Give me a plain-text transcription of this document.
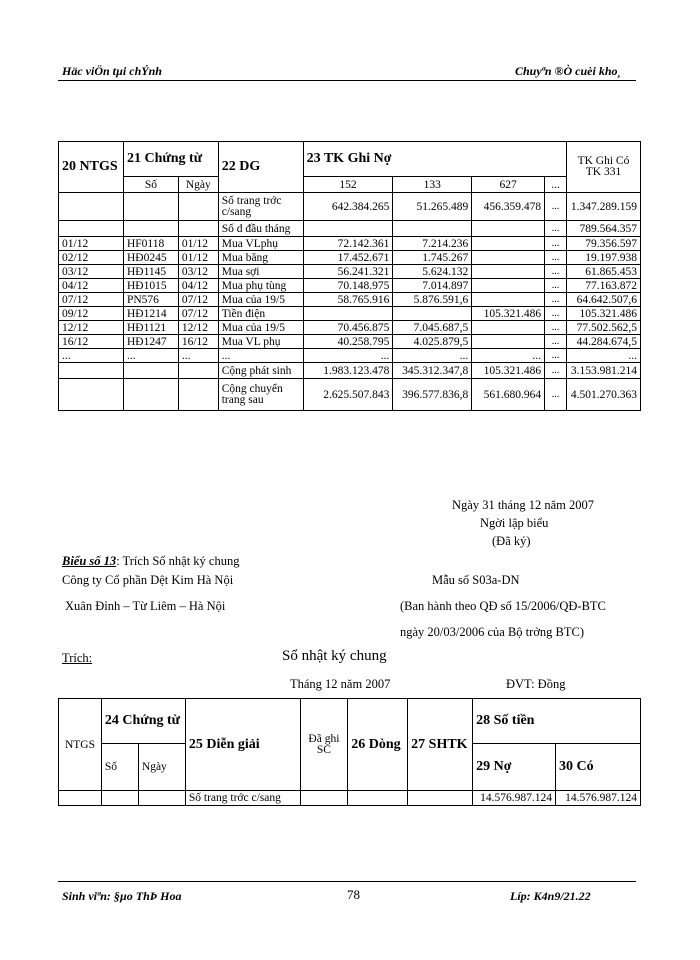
Häc viÖn tµi chÝnh	Chuyªn ®Ò cuèi kho¸
20 NTGS	21 Chứng từ		22 DG	23 TK Ghi Nợ				TK Ghi Có TK 331
	Số	Ngày		152	133	627	...	
			Số trang trớc c/sang	642.384.265	51.265.489	456.359.478	...	1.347.289.159
			Số d đầu tháng				...	789.564.357
01/12	HF0118	01/12	Mua VLphụ	72.142.361	7.214.236		...	79.356.597
02/12	HĐ0245	01/12	Mua băng	17.452.671	1.745.267		...	19.197.938
03/12	HĐ1145	03/12	Mua sợi	56.241.321	5.624.132		...	61.865.453
04/12	HĐ1015	04/12	Mua phụ tùng	70.148.975	7.014.897		...	77.163.872
07/12	PN576	07/12	Mua của 19/5	58.765.916	5.876.591,6		...	64.642.507,6
09/12	HĐ1214	07/12	Tiền điện			105.321.486	...	105.321.486
12/12	HĐ1121	12/12	Mua của 19/5	70.456.875	7.045.687,5		...	77.502.562,5
16/12	HĐ1247	16/12	Mua VL phụ	40.258.795	4.025.879,5		...	44.284.674,5
...	...	...	...	...	...	...	...	...
			Cộng phát sinh	1.983.123.478	345.312.347,8	105.321.486	...	3.153.981.214
			Cộng chuyển trang sau	2.625.507.843	396.577.836,8	561.680.964	...	4.501.270.363
Ngày 31 tháng 12 năm 2007
Ngời lập biểu
(Đã ký)
Biểu số 13: Trích Sổ nhật ký chung
Công ty Cổ phần Dệt Kim Hà Nội
Xuân Đỉnh – Từ Liêm – Hà Nội
Mẫu số S03a-DN
(Ban hành theo QĐ số 15/2006/QĐ-BTC
ngày 20/03/2006 của Bộ trởng BTC)
Trích:	Sổ nhật ký chung
Tháng 12 năm 2007	ĐVT: Đồng
NTGS	24 Chứng từ		25 Diễn giải	Đã ghi SC	26 Dòng	27 SHTK	28 Số tiền	
	Số	Ngày					29 Nợ	30 Có
			Số trang trớc c/sang				14.576.987.124	14.576.987.124
Sinh viªn: §µo ThÞ Hoa	78	Líp: K4n9/21.22
